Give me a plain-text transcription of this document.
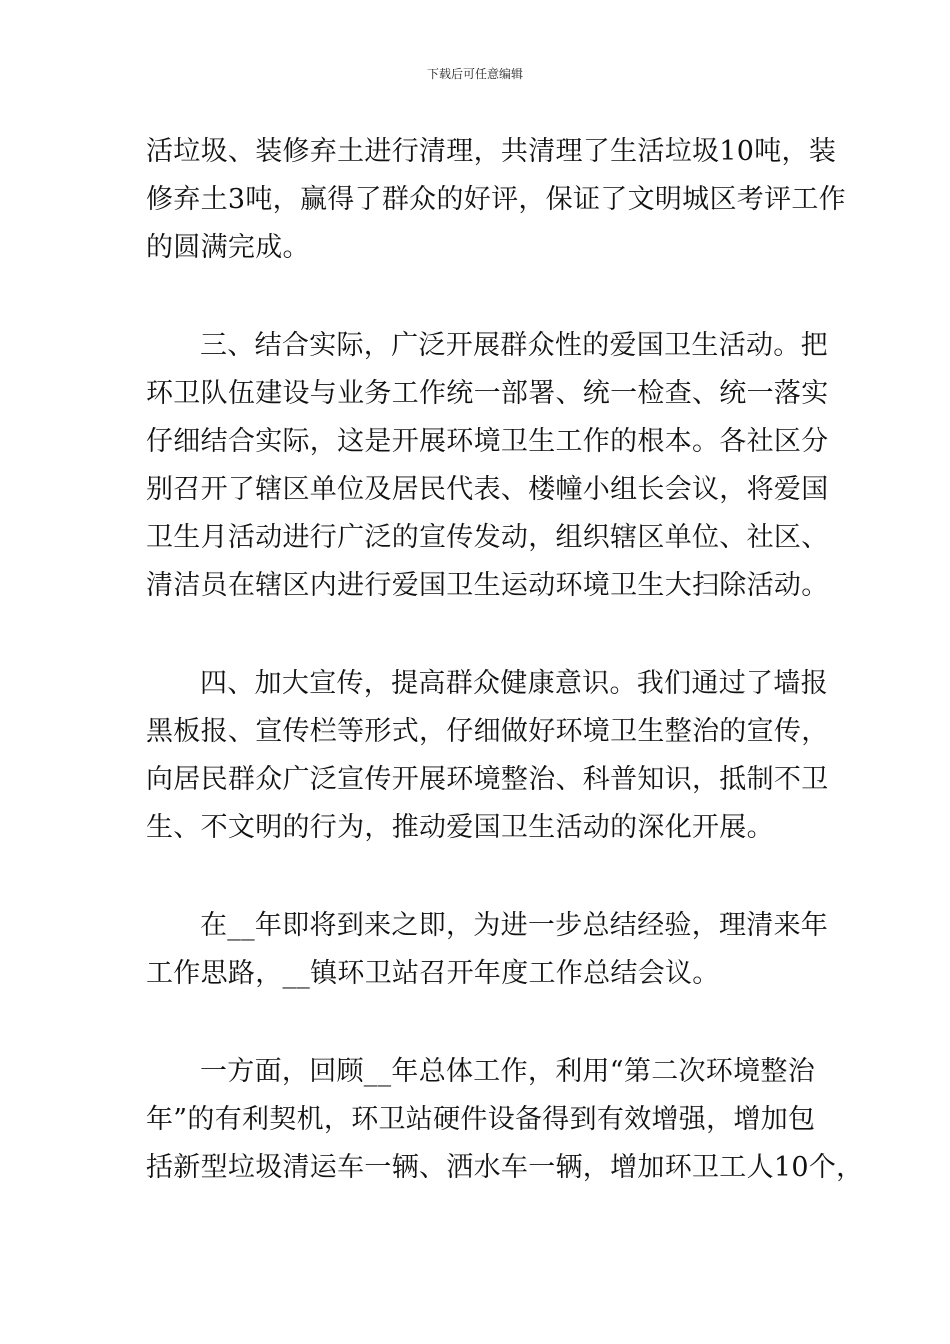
下载后可任意编辑
活垃圾、装修弃土进行清理，共清理了生活垃圾10吨，装
修弃土3吨，赢得了群众的好评，保证了文明城区考评工作
的圆满完成。
三、结合实际，广泛开展群众性的爱国卫生活动。把
环卫队伍建设与业务工作统一部署、统一检查、统一落实
仔细结合实际，这是开展环境卫生工作的根本。各社区分
别召开了辖区单位及居民代表、楼幢小组长会议，将爱国
卫生月活动进行广泛的宣传发动，组织辖区单位、社区、
清洁员在辖区内进行爱国卫生运动环境卫生大扫除活动。
四、加大宣传，提高群众健康意识。我们通过了墙报
黑板报、宣传栏等形式，仔细做好环境卫生整治的宣传，
向居民群众广泛宣传开展环境整治、科普知识，抵制不卫
生、不文明的行为，推动爱国卫生活动的深化开展。
在__年即将到来之即，为进一步总结经验，理清来年
工作思路，__镇环卫站召开年度工作总结会议。
一方面，回顾__年总体工作，利用“第二次环境整治
年”的有利契机，环卫站硬件设备得到有效增强，增加包
括新型垃圾清运车一辆、洒水车一辆，增加环卫工人10个，
